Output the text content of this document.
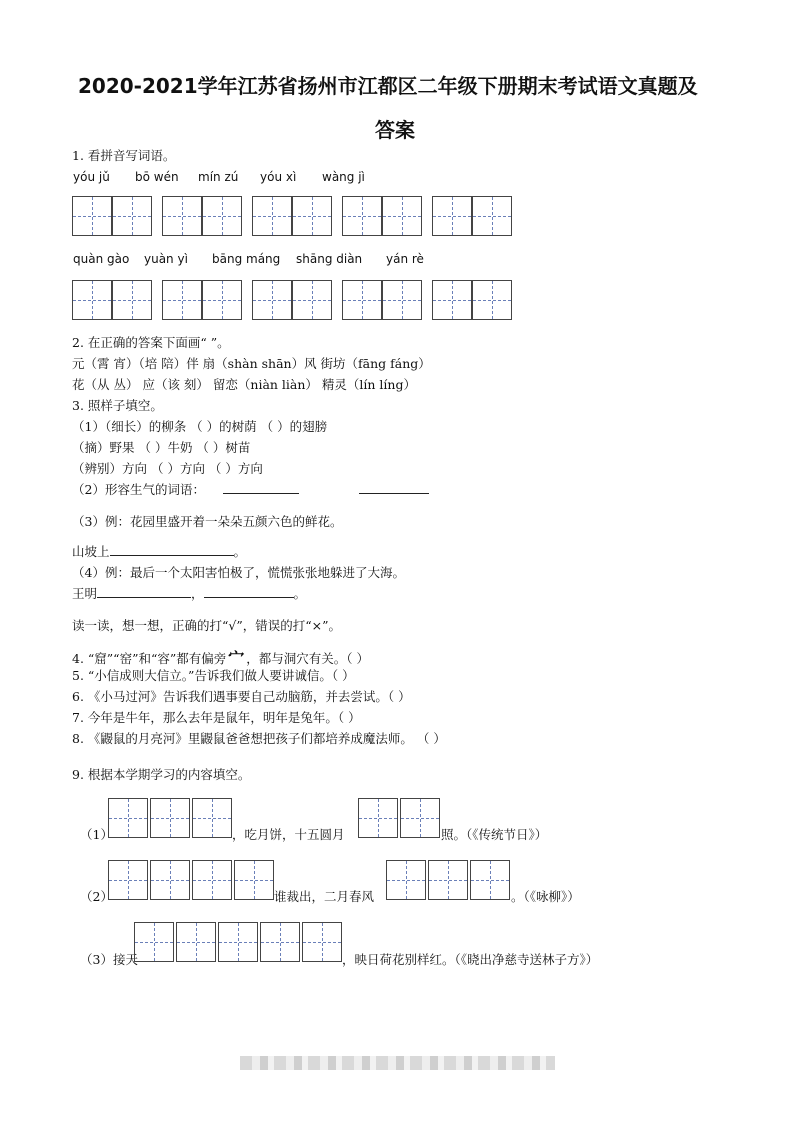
2020-2021学年江苏省扬州市江都区二年级下册期末考试语文真题及
答案
1. 看拼音写词语。
yóu jǔ bō wén mín zú yóu xì wàng jì
quàn gào yuàn yì bāng máng shāng diàn yán rè
2. 在正确的答案下面画“ ”。
元（霄 宵）（培 陪）伴 扇（shàn shān）风 街坊（fāng fáng）
花（从 丛） 应（该 刻） 留恋（niàn liàn） 精灵（lín líng）
3. 照样子填空。
（1）（细长）的柳条 （ ）的树荫 （ ）的翅膀
（摘）野果 （ ）牛奶 （ ）树苗
（辨别）方向 （ ）方向 （ ）方向
（2）形容生气的词语：
（3）例：花园里盛开着一朵朵五颜六色的鲜花。
山坡上	。
（4）例：最后一个太阳害怕极了，慌慌张张地躲进了大海。
王明	，	。
读一读，想一想，正确的打“√”，错误的打“×”。
4. “窟”“窑”和“容”都有偏旁 宀 ，都与洞穴有关。（ ）
5. “小信成则大信立。”告诉我们做人要讲诚信。（ ）
6. 《小马过河》告诉我们遇事要自己动脑筋，并去尝试。（ ）
7. 今年是牛年，那么去年是鼠年，明年是兔年。（ ）
8. 《鼹鼠的月亮河》里鼹鼠爸爸想把孩子们都培养成魔法师。 （ ）
9. 根据本学期学习的内容填空。
（1）	，吃月饼，十五圆月	照。（《传统节日》）
（2）	谁裁出，二月春风	。（《咏柳》）
（3）接天	，映日荷花别样红。（《晓出净慈寺送林子方》）
